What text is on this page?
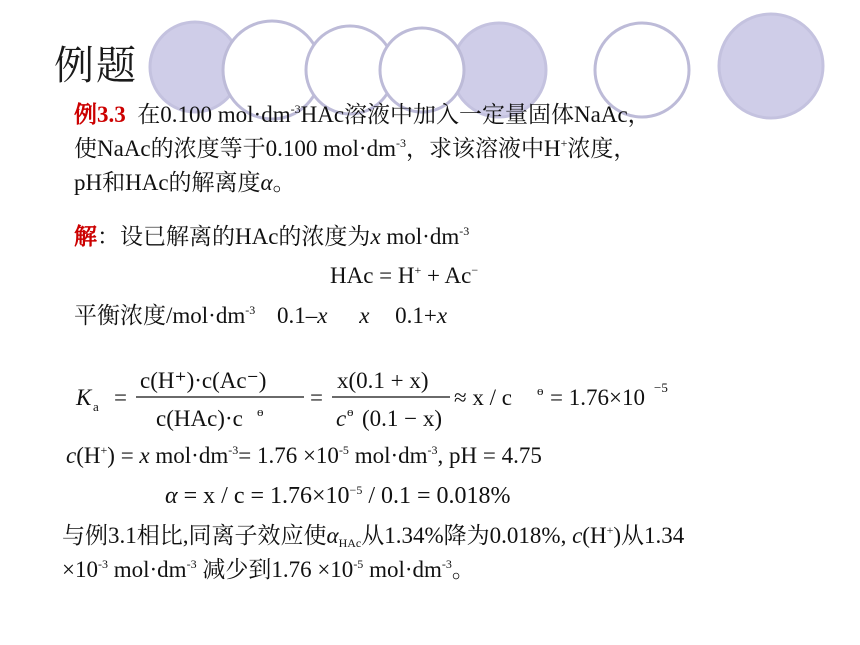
例题
例3.3 在0.100 $mol\cdot dm^{-3}HAc$溶液中加入一定量固体NaAc，
使NaAc的浓度等于0.100 $mol\cdot dm^{-3}$，求该溶液中H+浓度，
pH和HAc的解离度α。
解：设已解离的HAc的浓度为x $mol\cdot dm^{-3}$
HAc = H+ + Ac−
平衡浓度$/mol\cdot dm^{-3}$ 0.1–x x 0.1+x
K a =
c(H⁺)·c(Ac⁻)
c(HAc)·c ө
=
x(0.1 + x)
c ө (0.1 − x)
≈ x / c ө = 1.76×10 −5
c(H+) = x $mol\cdot dm^{-3}= 1.76 \times 10^{-5}$ $mol\cdot dm^{-3}$, pH = 4.75
$\alpha = x / c = 1.76\times 10^{-5} / 0.1 = 0.018\%$
与例3.1相比,同离子效应使$\alpha_{HAc}$从1.34%降为0.018%, c(H+)从1.34
$\times 10^{-3}$ $mol\cdot dm^{-3}$ 减少到$1.76 \times 10^{-5}$ $mol\cdot dm^{-3}$。
